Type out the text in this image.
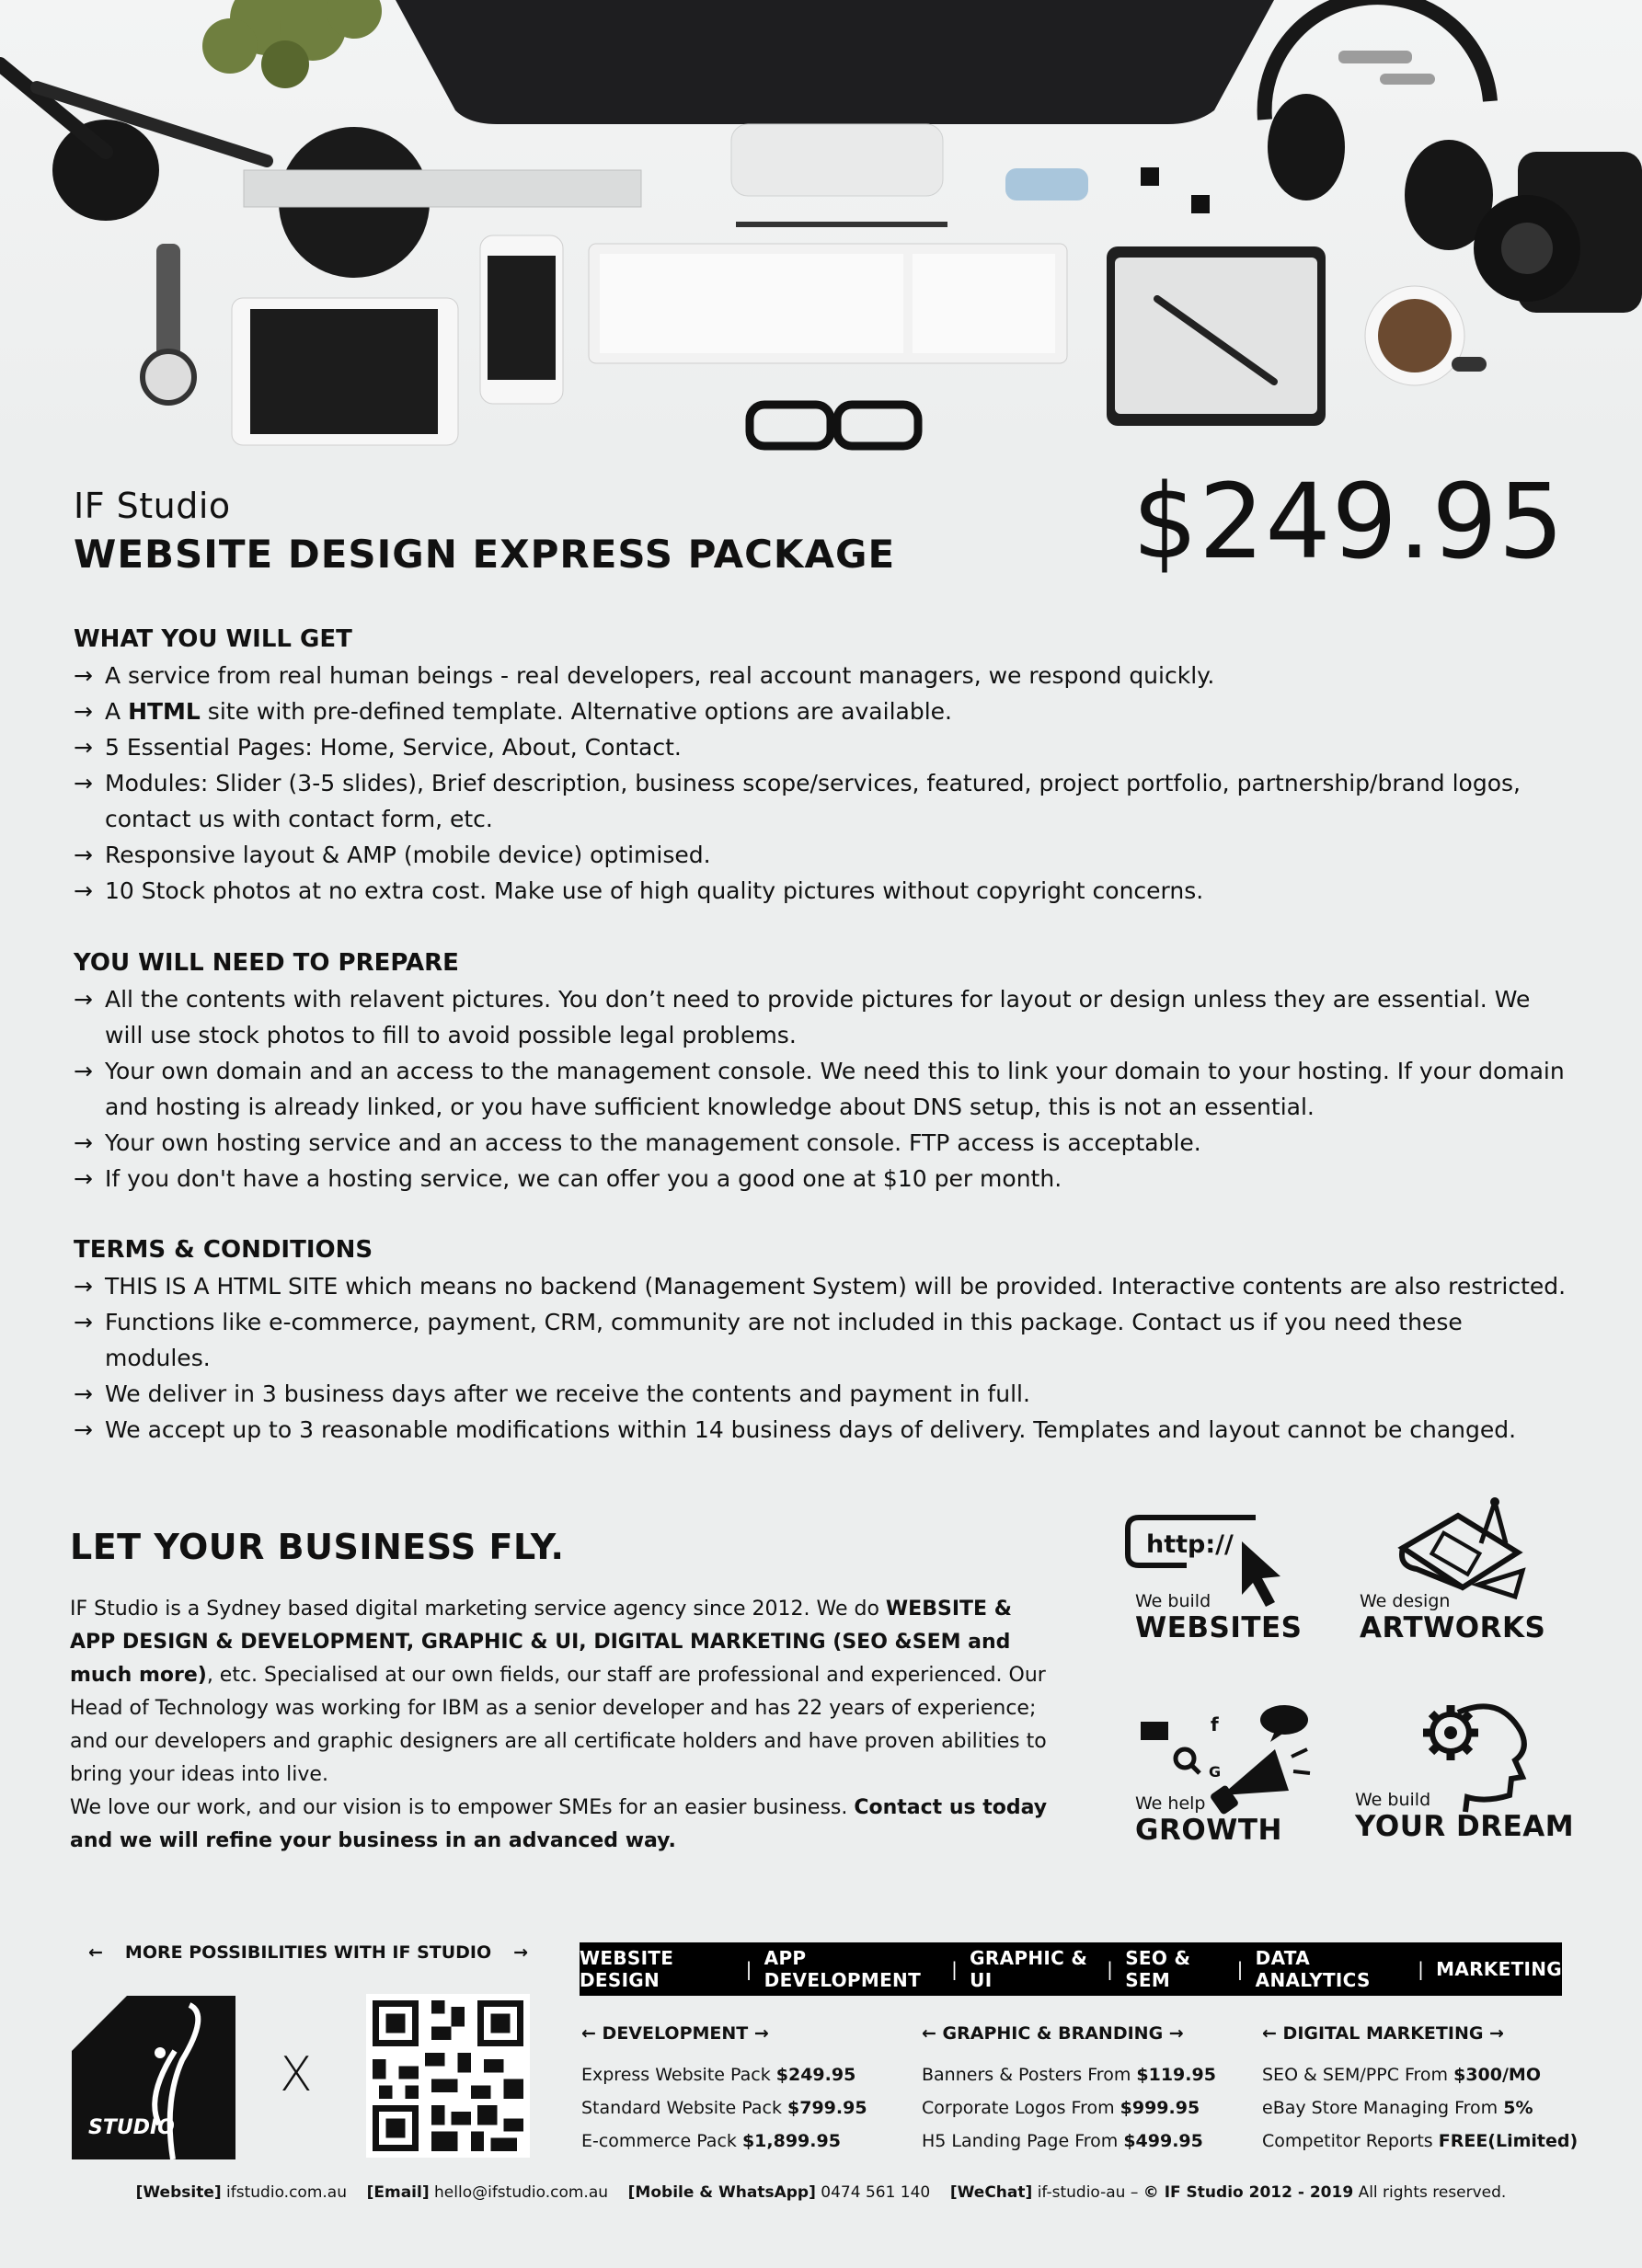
IF Studio
WEBSITE DESIGN EXPRESS PACKAGE $249.95
WHAT YOU WILL GET
→ A service from real human beings - real developers, real account managers, we respond quickly.
→ A HTML site with pre-defined template. Alternative options are available.
→ 5 Essential Pages: Home, Service, About, Contact.
→ Modules: Slider (3-5 slides), Brief description, business scope/services, featured, project portfolio, partnership/brand logos, contact us with contact form, etc.
→ Responsive layout & AMP (mobile device) optimised.
→ 10 Stock photos at no extra cost. Make use of high quality pictures without copyright concerns.
YOU WILL NEED TO PREPARE
→ All the contents with relavent pictures. You don’t need to provide pictures for layout or design unless they are essential. We will use stock photos to fill to avoid possible legal problems.
→ Your own domain and an access to the management console. We need this to link your domain to your hosting. If your domain and hosting is already linked, or you have sufficient knowledge about DNS setup, this is not an essential.
→ Your own hosting service and an access to the management console. FTP access is acceptable.
→ If you don't have a hosting service, we can offer you a good one at $10 per month.
TERMS & CONDITIONS
→ THIS IS A HTML SITE which means no backend (Management System) will be provided. Interactive contents are also restricted.
→ Functions like e-commerce, payment, CRM, community are not included in this package. Contact us if you need these modules.
→ We deliver in 3 business days after we receive the contents and payment in full.
→ We accept up to 3 reasonable modifications within 14 business days of delivery. Templates and layout cannot be changed.
LET YOUR BUSINESS FLY.
IF Studio is a Sydney based digital marketing service agency since 2012. We do WEBSITE & APP DESIGN & DEVELOPMENT, GRAPHIC & UI, DIGITAL MARKETING (SEO &SEM and much more), etc. Specialised at our own fields, our staff are professional and experienced. Our Head of Technology was working for IBM as a senior developer and has 22 years of experience; and our developers and graphic designers are all certificate holders and have proven abilities to bring your ideas into live.
We love our work, and our vision is to empower SMEs for an easier business. Contact us today and we will refine your business in an advanced way.
http://
We build
WEBSITES
We design
ARTWORKS
f
G
We help
GROWTH
We build
YOUR DREAM
← MORE POSSIBILITIES WITH IF STUDIO →
STUDIO
X
WEBSITE DESIGN	| APP DEVELOPMENT	| GRAPHIC & UI	| SEO & SEM	| DATA ANALYTICS	| MARKETING
← DEVELOPMENT →
Express Website Pack $249.95
Standard Website Pack $799.95
E-commerce Pack $1,899.95
← GRAPHIC & BRANDING →
Banners & Posters From $119.95
Corporate Logos From $999.95
H5 Landing Page From $499.95
← DIGITAL MARKETING →
SEO & SEM/PPC From $300/MO
eBay Store Managing From 5%
Competitor Reports FREE(Limited)
[Website] ifstudio.com.au [Email] hello@ifstudio.com.au [Mobile & WhatsApp] 0474 561 140 [WeChat] if-studio-au – © IF Studio 2012 - 2019 All rights reserved.
